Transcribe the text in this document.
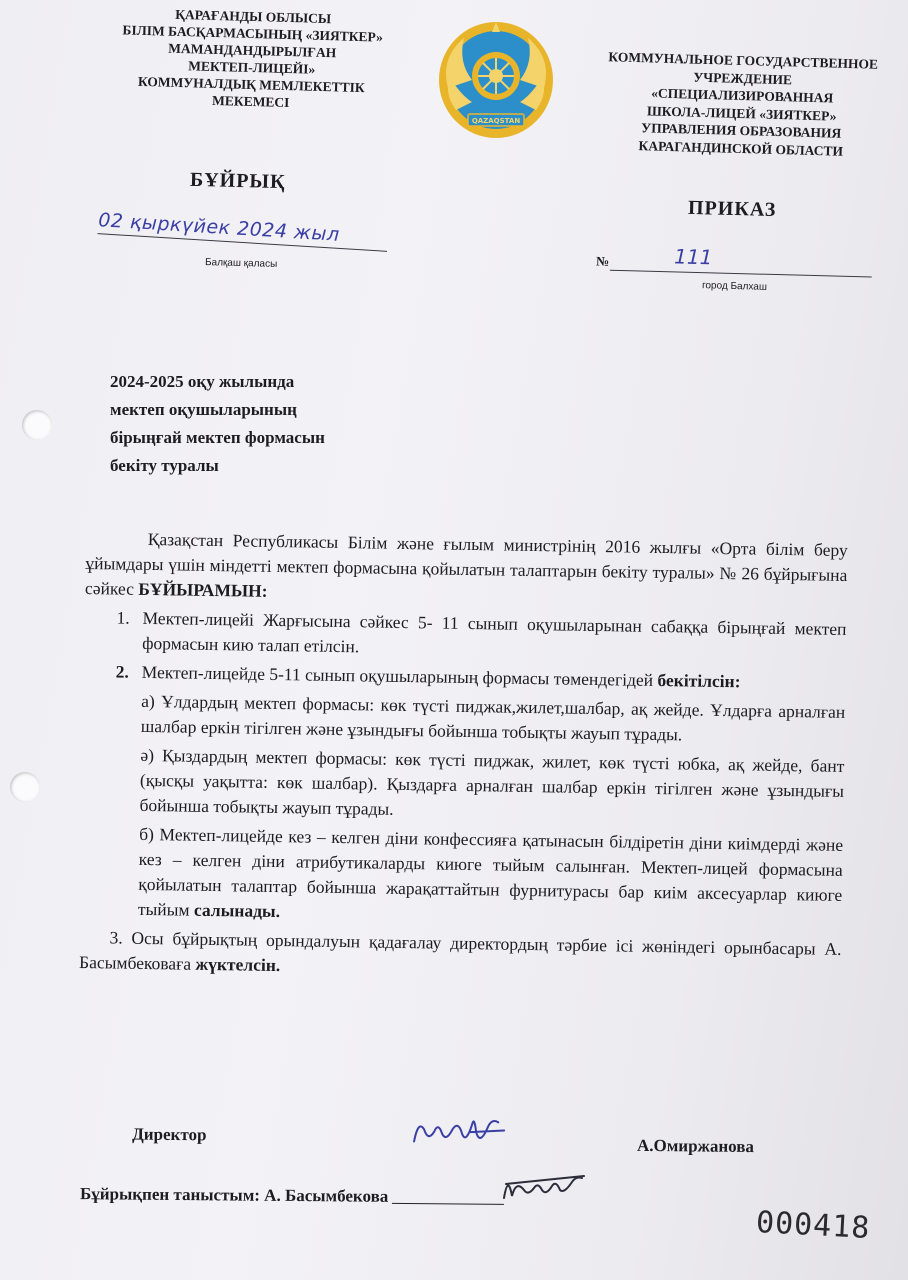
ҚАРАҒАНДЫ ОБЛЫСЫ
БІЛІМ БАСҚАРМАСЫНЫҢ «ЗИЯТКЕР»
МАМАНДАНДЫРЫЛҒАН
МЕКТЕП-ЛИЦЕЙІ»
КОММУНАЛДЫҚ МЕМЛЕКЕТТІК
МЕКЕМЕСІ
QAZAQSTAN
КОММУНАЛЬНОЕ ГОСУДАРСТВЕННОЕ
УЧРЕЖДЕНИЕ
«СПЕЦИАЛИЗИРОВАННАЯ
ШКОЛА-ЛИЦЕЙ «ЗИЯТКЕР»
УПРАВЛЕНИЯ ОБРАЗОВАНИЯ
КАРАГАНДИНСКОЙ ОБЛАСТИ
БҰЙРЫҚ
ПРИКАЗ
02 қыркүйек 2024 жыл
Балқаш қаласы	№	111
город Балхаш
2024-2025 оқу жылында
мектеп оқушыларының
бірыңғай мектеп формасын
бекіту туралы

Қазақстан Республикасы Білім және ғылым министрінің 2016 жылғы «Орта білім беру ұйымдары үшін міндетті мектеп формасына қойылатын талаптарын бекіту туралы» № 26 бұйрығына сәйкес БҰЙЫРАМЫН:

1. Мектеп-лицейі Жарғысына сәйкес 5- 11 сынып оқушыларынан сабаққа бірыңғай мектеп формасын кию талап етілсін.

2. Мектеп-лицейде 5-11 сынып оқушыларының формасы төмендегідей бекітілсін:

а) Ұлдардың мектеп формасы: көк түсті пиджак,жилет,шалбар, ақ жейде. Ұлдарға арналған шалбар еркін тігілген және ұзындығы бойынша тобықты жауып тұрады.

ә) Қыздардың мектеп формасы: көк түсті пиджак, жилет, көк түсті юбка, ақ жейде, бант (қысқы уақытта: көк шалбар). Қыздарға арналған шалбар еркін тігілген және ұзындығы бойынша тобықты жауып тұрады.

б) Мектеп-лицейде кез – келген діни конфессияға қатынасын білдіретін діни киімдерді және кез – келген діни атрибутикаларды киюге тыйым салынған. Мектеп-лицей формасына қойылатын талаптар бойынша жарақаттайтын фурнитурасы бар киім аксесуарлар киюге тыйым салынады.

3. Осы бұйрықтың орындалуын қадағалау директордың тәрбие ісі жөніндегі орынбасары А. Басымбековаға жүктелсін.

Директор
А.Омиржанова
Бұйрықпен таныстым: А. Басымбекова
000418
